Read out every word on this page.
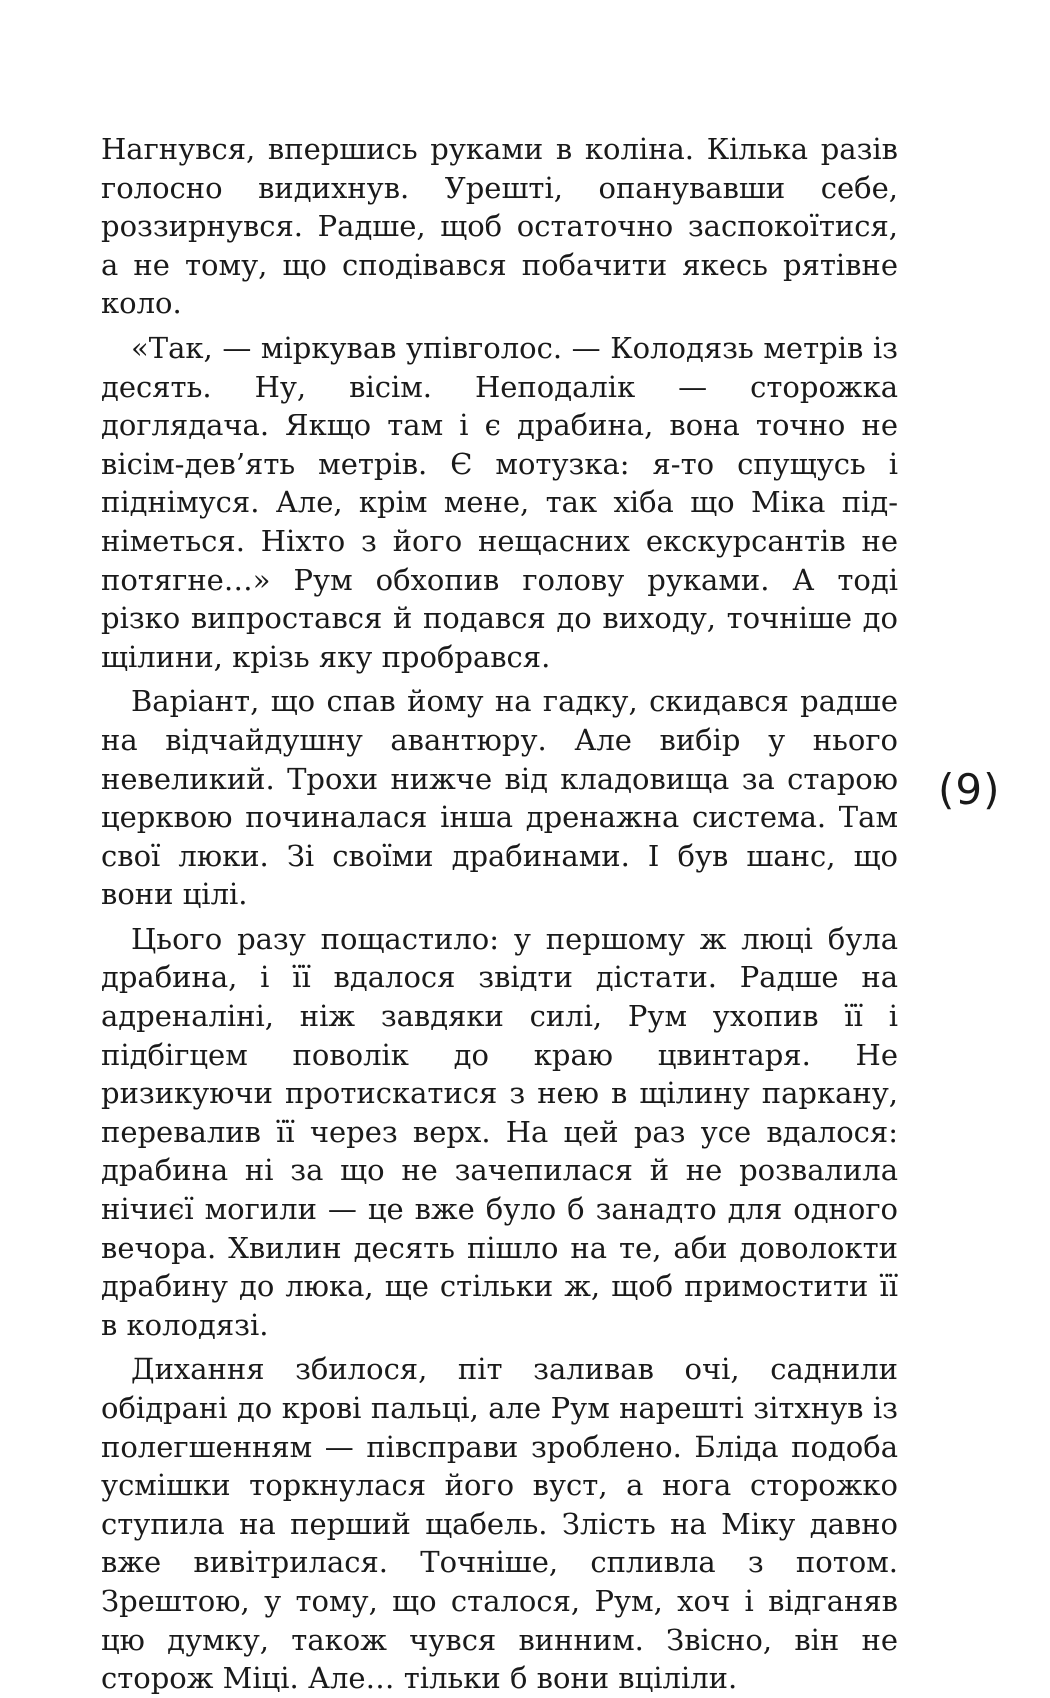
Нагнувся, впершись руками в коліна. Кілька разів голосно видихнув. Урешті, опанувавши себе, роззирнувся. Радше, щоб остаточно заспокоїтися, а не тому, що сподівався побачити якесь рятівне коло.

«Так, — міркував упівголос. — Колодязь метрів із десять. Ну, вісім. Неподалік — сторожка доглядача. Якщо там і є драбина, вона точно не вісім-дев’ять метрів. Є мотузка: я-то спущусь і піднімуся. Але, крім мене, так хіба що Міка підніметься. Ніхто з його нещасних екскурсантів не потягне…» Рум обхопив голову руками. А тоді різко випростався й подався до виходу, точніше до щілини, крізь яку пробрався.

Варіант, що спав йому на гадку, скидався радше на відчайдушну авантюру. Але вибір у нього невеликий. Трохи нижче від кладовища за старою церквою починалася інша дренажна система. Там свої люки. Зі своїми драбинами. І був шанс, що вони цілі.

Цього разу пощастило: у першому ж люці була драбина, і її вдалося звідти дістати. Радше на адреналіні, ніж завдяки силі, Рум ухопив її і підбігцем поволік до краю цвинтаря. Не ризикуючи протискатися з нею в щілину паркану, перевалив її через верх. На цей раз усе вдалося: драбина ні за що не зачепилася й не розвалила нічиєї могили — це вже було б занадто для одного вечора. Хвилин десять пішло на те, аби доволокти драбину до люка, ще стільки ж, щоб примостити її в колодязі.

Дихання збилося, піт заливав очі, саднили обідрані до крові пальці, але Рум нарешті зітхнув із полегшенням — півсправи зроблено. Бліда подоба усмішки торкнулася його вуст, а нога сторожко ступила на перший щабель. Злість на Міку давно вже вивітрилася. Точніше, спливла з потом. Зрештою, у тому, що сталося, Рум, хоч і відганяв цю думку, також чувся винним. Звісно, він не сторож Міці. Але… тільки б вони вціліли.

(9)
